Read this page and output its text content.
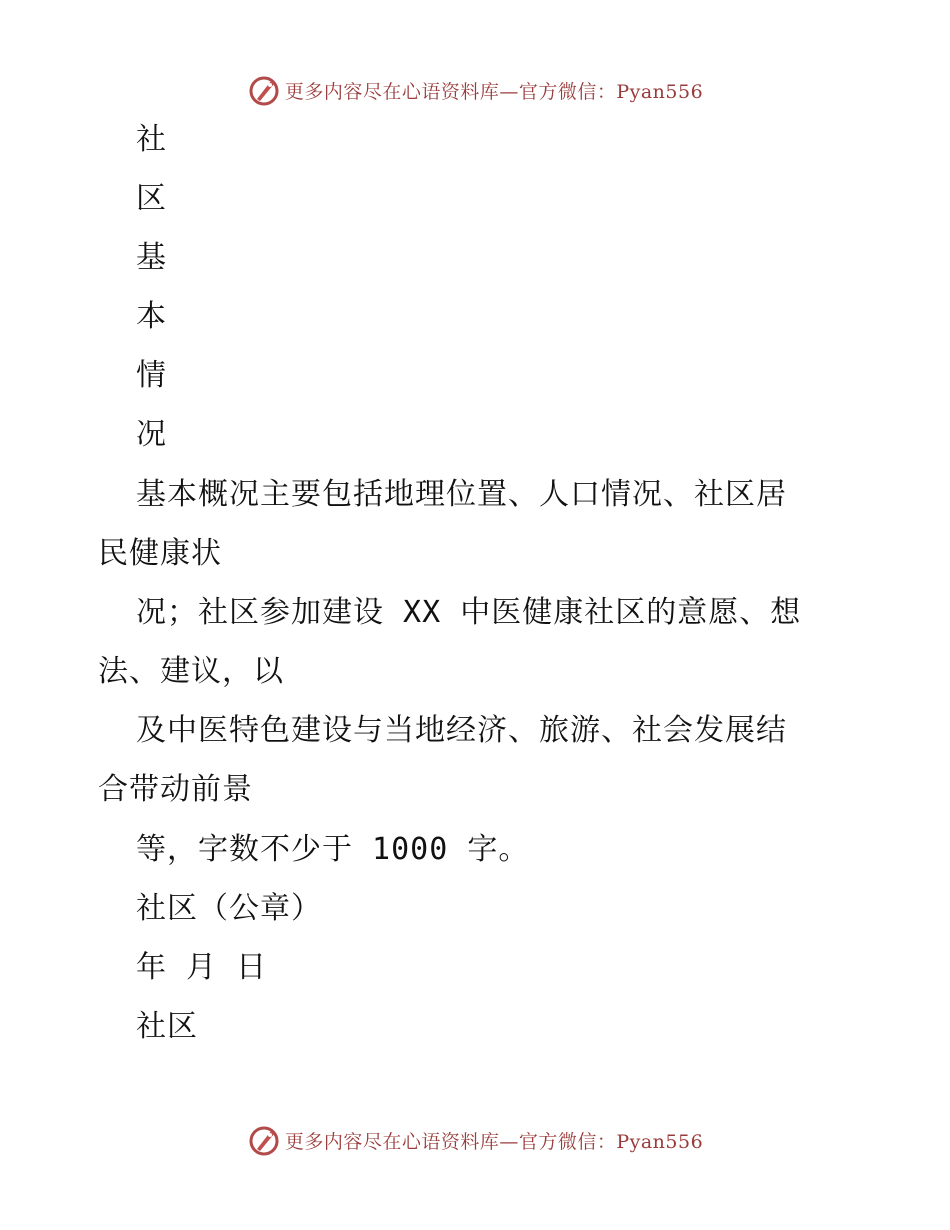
更多内容尽在心语资料库—官方微信：Pyan556
社
区
基
本
情
况
基本概况主要包括地理位置、人口情况、社区居
民健康状
况；社区参加建设 XX 中医健康社区的意愿、想
法、建议，以
及中医特色建设与当地经济、旅游、社会发展结
合带动前景
等，字数不少于 1000 字。
社区（公章）
年 月 日
社区
更多内容尽在心语资料库—官方微信：Pyan556
